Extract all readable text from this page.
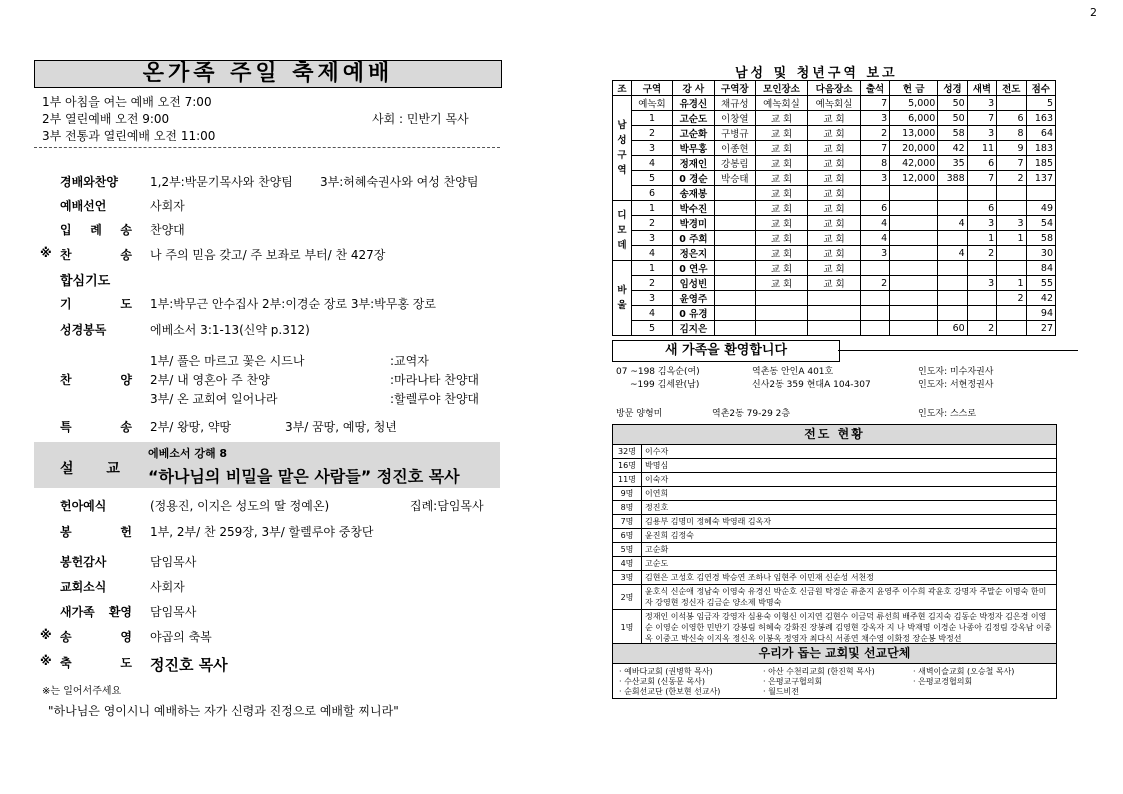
2
온가족 주일 축제예배
1부 아침을 여는 예배 오전 7:00
2부 열린예배 오전 9:00
3부 전통과 열린예배 오전 11:00
사회 : 민반기 목사
경배와찬양	1,2부:박문기목사와 찬양팀 3부:허혜숙권사와 여성 찬양팀
예배선언	사회자
입 례 송 찬양대
※ 찬 송 나 주의 믿음 갖고/ 주 보좌로 부터/ 찬 427장
합심기도
기 도 1부:박무근 안수집사 2부:이경순 장로 3부:박무홍 장로
성경봉독	에베소서 3:1-13(신약 p.312)
1부/ 풀은 마르고 꽃은 시드나	:교역자
찬 양 2부/ 내 영혼아 주 찬양	:마라나타 찬양대
3부/ 온 교회여 일어나라	:할렐루야 찬양대
특 송 2부/ 왕땅, 약땅	3부/ 꿈땅, 예땅, 청년
설 교
에베소서 강해 8
“하나님의 비밀을 맡은 사람들” 정진호 목사
헌아예식	(정용진, 이지은 성도의 딸 정예온)	집례:담임목사
봉 헌 1부, 2부/ 찬 259장, 3부/ 할렐루야 중창단
봉헌감사	담임목사
교회소식	사회자
새가족 환영 담임목사
※ 송 영 야곱의 축복
※ 축 도 정진호 목사
※는 일어서주세요
"하나님은 영이시니 예배하는 자가 신령과 진정으로 예배할 찌니라"
남성 및 청년구역 보고
조	구역	강 사	구역장	모인장소	다음장소	출석	헌 금	성경	새벽	전도	점수
남
성
구
역	예녹회	유경신	채규성	예녹회실	예녹회실	7	5,000	50	3		5
	1	고순도	이창열	교 회	교 회	3	6,000	50	7	6	163
	2	고순화	구병규	교 회	교 회	2	13,000	58	3	8	64
	3	박무홍	이종현	교 회	교 회	7	20,000	42	11	9	183
	4	정재인	강봉림	교 회	교 회	8	42,000	35	6	7	185
	5	0 경순	박승태	교 회	교 회	3	12,000	388	7	2	137
	6	송재봉		교 회	교 회						
디
모
데	1	박수진		교 회	교 회	6			6		49
	2	박경미		교 회	교 회	4		4	3	3	54
	3	0 주희		교 회	교 회	4			1	1	58
	4	정은지		교 회	교 회	3		4	2		30
바
울	1	0 연우		교 회	교 회						84
	2	임성빈		교 회	교 회	2			3	1	55
	3	윤영주								2	42
	4	0 유경									94
	5	김지은						60	2		27
새 가족을 환영합니다
07 ~198 김옥순(여)	역촌동 안인A 401호	인도자: 미수자권사
~199 김세완(남)	신사2동 359 현대A 104-307	인도자: 서현정권사
방문 양형미	역촌2동 79-29 2층	인도자: 스스로
전도 현황
32명	이수자
16명	박명심
11명	이숙자
9명	이연희
8명	정진호
7명	김용부 김명미 정혜숙 박영래 김옥자
6명	윤진희 김정숙
5명	고순화
4명	고순도
3명	김현은 고성호 김연경 박승연 조하나 임현주 이민재 신순성 서천정
2명	윤호식 신순애 정남숙 이영숙 유경신 박순호 신금원 탁경순 류춘지 윤영주 이수희 곽윤호 강명자 주말순 이명숙 한미자 강영현 정신자 김금순 양소제 박명숙
1명	정재인 이석봉 임금자 강영자 심용숙 이형신 이지연 김현수 이금덕 류선희 배주현 김지숙 김동순 박정자 김은경 이영순 이영순 이영한 민반기 강봉림 허혜숙 강화진 장봉례 김영현 강옥자 지 나 박재명 이경순 나종아 김정림 강옥남 이중옥 이중고 박신숙 이지옥 정신옥 이봉옥 정영자 최다식 서종연 채수영 이화정 장순봉 박정선
우리가 돕는 교회및 선교단체
· 예바다교회 (권병학 목사)	· 아산 수천리교회 (한진혁 목사)	· 새벽이슬교회 (오승철 목사)
· 수산교회 (신동문 목사)	· 은평교구협의회	· 은평교경협의회
· 순회선교단 (한보현 선교사)	· 월드비전
